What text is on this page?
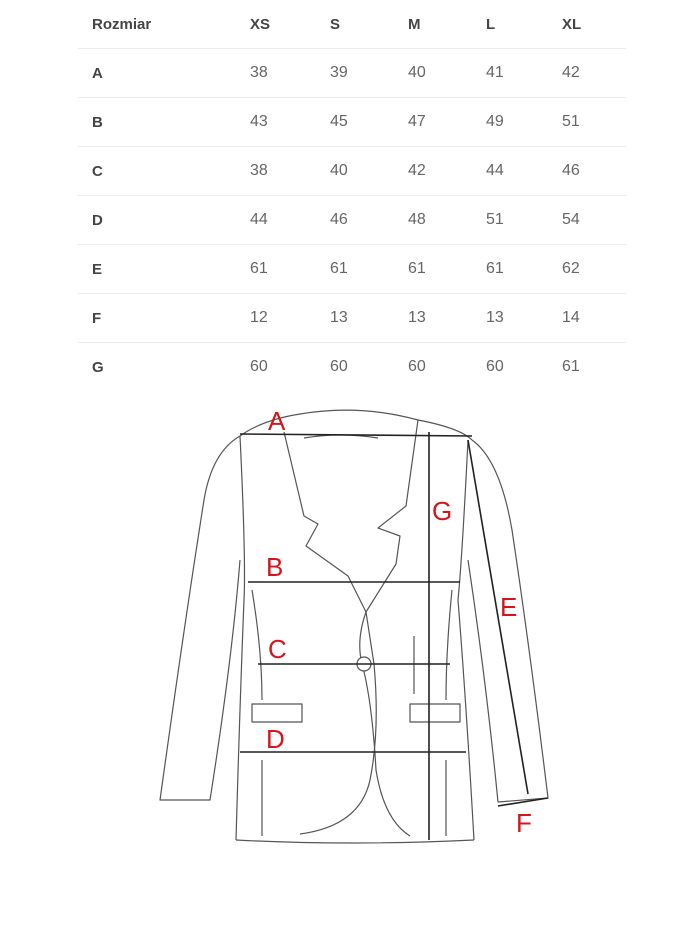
Rozmiar	XS	S	M	L	XL
A	38	39	40	41	42
B	43	45	47	49	51
C	38	40	42	44	46
D	44	46	48	51	54
E	61	61	61	61	62
F	12	13	13	13	14
G	60	60	60	60	61
A
B
C
D
E
F
G
